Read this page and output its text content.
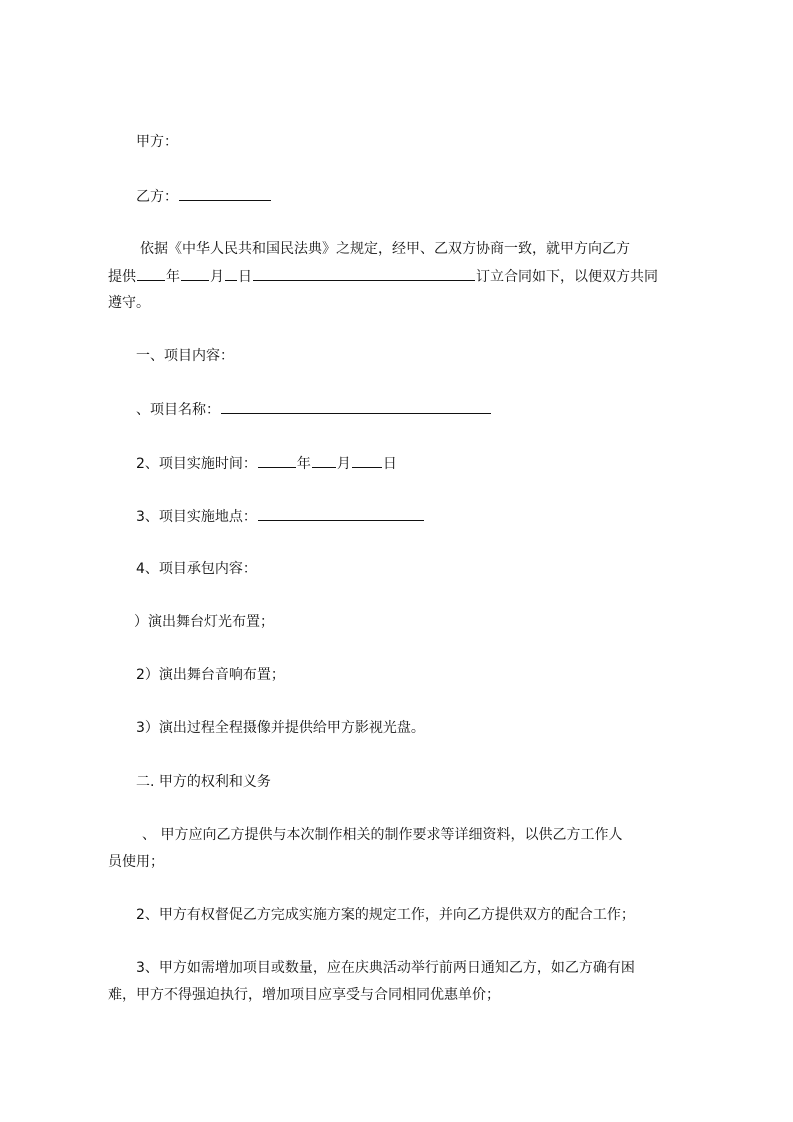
甲方：
乙方：
依据《中华人民共和国民法典》之规定，经甲、乙双方协商一致，就甲方向乙方
提供 年 月 日	订立合同如下，以便双方共同
遵守。
一、项目内容：
、项目名称：
2、项目实施时间：	年 月 日
3、项目实施地点：
4、项目承包内容：
）演出舞台灯光布置；
2）演出舞台音响布置；
3）演出过程全程摄像并提供给甲方影视光盘。
二. 甲方的权利和义务
、 甲方应向乙方提供与本次制作相关的制作要求等详细资料，以供乙方工作人
员使用；
2、甲方有权督促乙方完成实施方案的规定工作，并向乙方提供双方的配合工作；
3、甲方如需增加项目或数量，应在庆典活动举行前两日通知乙方，如乙方确有困
难，甲方不得强迫执行，增加项目应享受与合同相同优惠单价；
